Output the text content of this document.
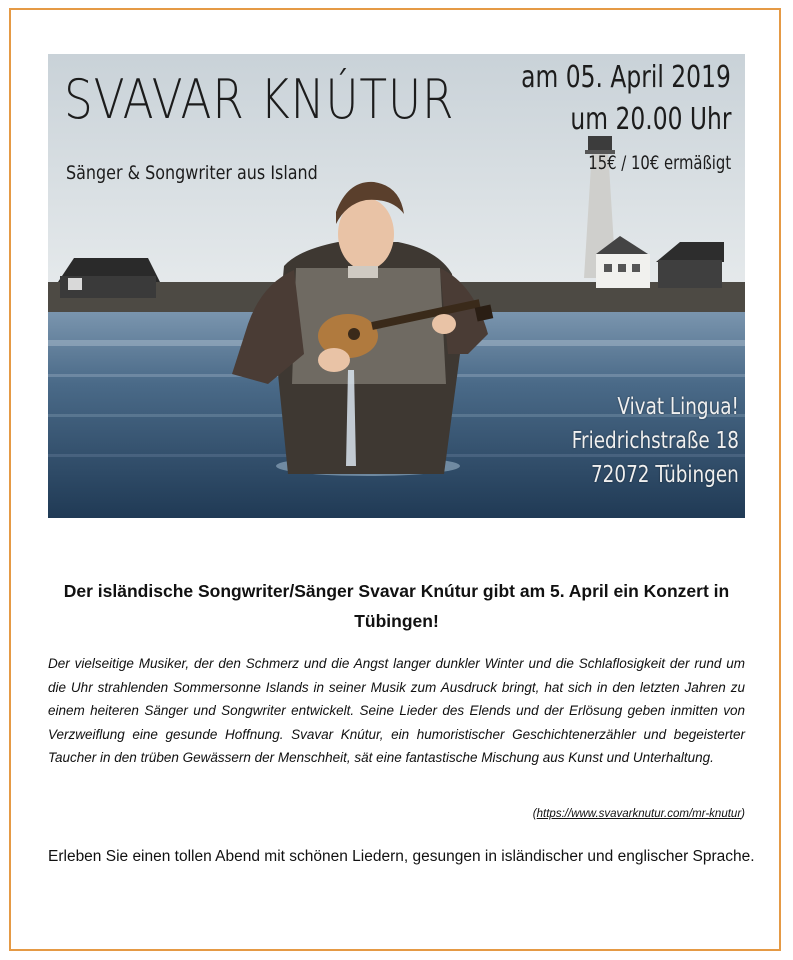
SVAVAR KNÚTUR
Sänger & Songwriter aus Island
am 05. April 2019
um 20.00 Uhr
15€ / 10€ ermäßigt
Vivat Lingua!
Friedrichstraße 18
72072 Tübingen
Der isländische Songwriter/Sänger Svavar Knútur gibt am 5. April ein Konzert in Tübingen!
Der vielseitige Musiker, der den Schmerz und die Angst langer dunkler Winter und die Schlaflosigkeit der rund um die Uhr strahlenden Sommersonne Islands in seiner Musik zum Ausdruck bringt, hat sich in den letzten Jahren zu einem heiteren Sänger und Songwriter entwickelt. Seine Lieder des Elends und der Erlösung geben inmitten von Verzweiflung eine gesunde Hoffnung. Svavar Knútur, ein humoristischer Geschichtenerzähler und begeisterter Taucher in den trüben Gewässern der Menschheit, sät eine fantastische Mischung aus Kunst und Unterhaltung.
(https://www.svavarknutur.com/mr-knutur)
Erleben Sie einen tollen Abend mit schönen Liedern, gesungen in isländischer und englischer Sprache.
